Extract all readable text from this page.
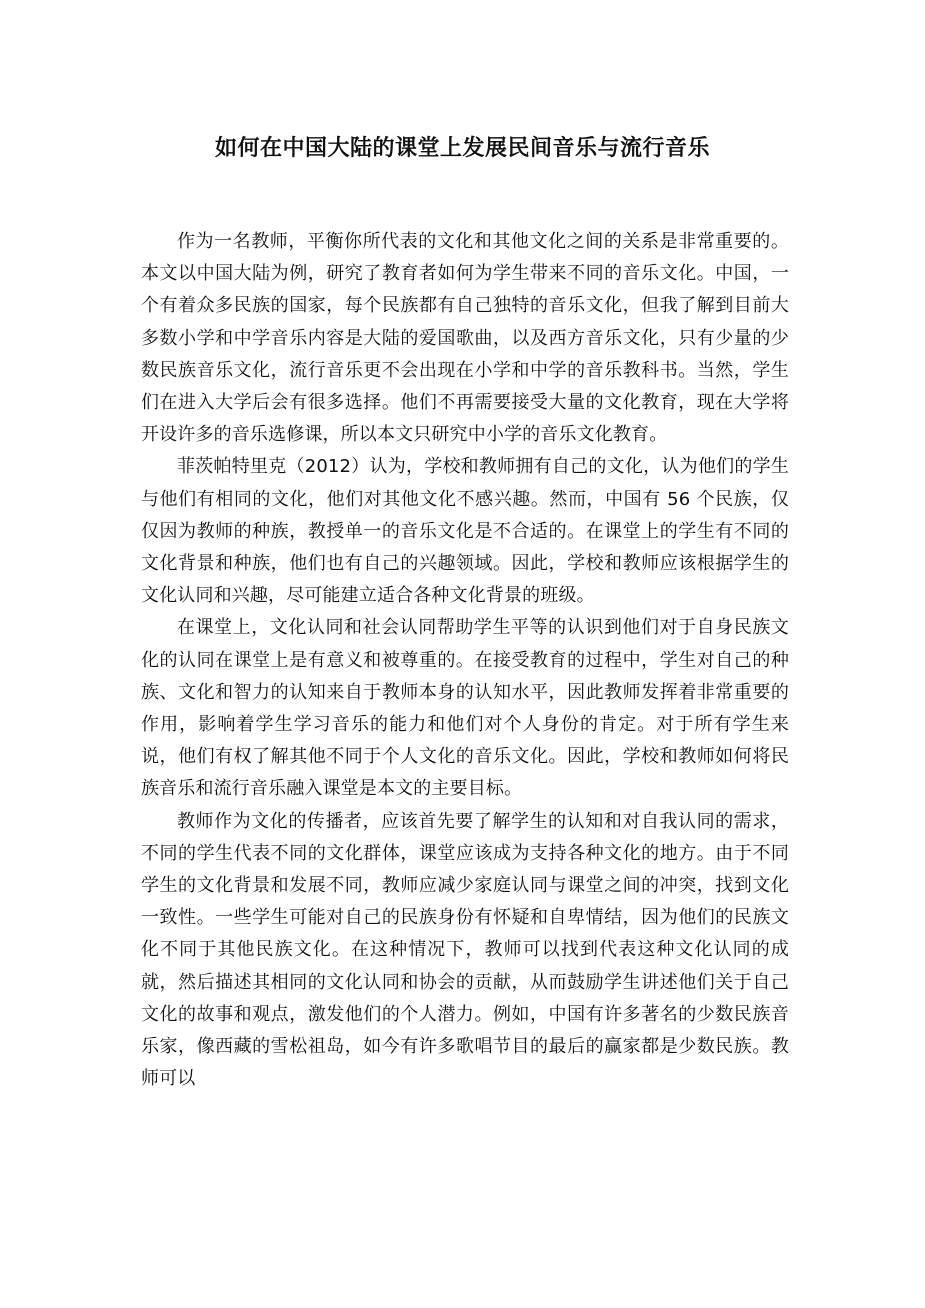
如何在中国大陆的课堂上发展民间音乐与流行音乐

作为一名教师，平衡你所代表的文化和其他文化之间的关系是非常重要的。本文以中国大陆为例，研究了教育者如何为学生带来不同的音乐文化。中国，一个有着众多民族的国家，每个民族都有自己独特的音乐文化，但我了解到目前大多数小学和中学音乐内容是大陆的爱国歌曲，以及西方音乐文化，只有少量的少数民族音乐文化，流行音乐更不会出现在小学和中学的音乐教科书。当然，学生们在进入大学后会有很多选择。他们不再需要接受大量的文化教育，现在大学将开设许多的音乐选修课，所以本文只研究中小学的音乐文化教育。

菲茨帕特里克（2012）认为，学校和教师拥有自己的文化，认为他们的学生与他们有相同的文化，他们对其他文化不感兴趣。然而，中国有 56 个民族，仅仅因为教师的种族，教授单一的音乐文化是不合适的。在课堂上的学生有不同的文化背景和种族，他们也有自己的兴趣领域。因此，学校和教师应该根据学生的文化认同和兴趣，尽可能建立适合各种文化背景的班级。

在课堂上，文化认同和社会认同帮助学生平等的认识到他们对于自身民族文化的认同在课堂上是有意义和被尊重的。在接受教育的过程中，学生对自己的种族、文化和智力的认知来自于教师本身的认知水平，因此教师发挥着非常重要的作用，影响着学生学习音乐的能力和他们对个人身份的肯定。对于所有学生来说，他们有权了解其他不同于个人文化的音乐文化。因此，学校和教师如何将民族音乐和流行音乐融入课堂是本文的主要目标。

教师作为文化的传播者，应该首先要了解学生的认知和对自我认同的需求，不同的学生代表不同的文化群体，课堂应该成为支持各种文化的地方。由于不同学生的文化背景和发展不同，教师应减少家庭认同与课堂之间的冲突，找到文化一致性。一些学生可能对自己的民族身份有怀疑和自卑情结，因为他们的民族文化不同于其他民族文化。在这种情况下，教师可以找到代表这种文化认同的成就，然后描述其相同的文化认同和协会的贡献，从而鼓励学生讲述他们关于自己文化的故事和观点，激发他们的个人潜力。例如，中国有许多著名的少数民族音乐家，像西藏的雪松祖岛，如今有许多歌唱节目的最后的赢家都是少数民族。教师可以
